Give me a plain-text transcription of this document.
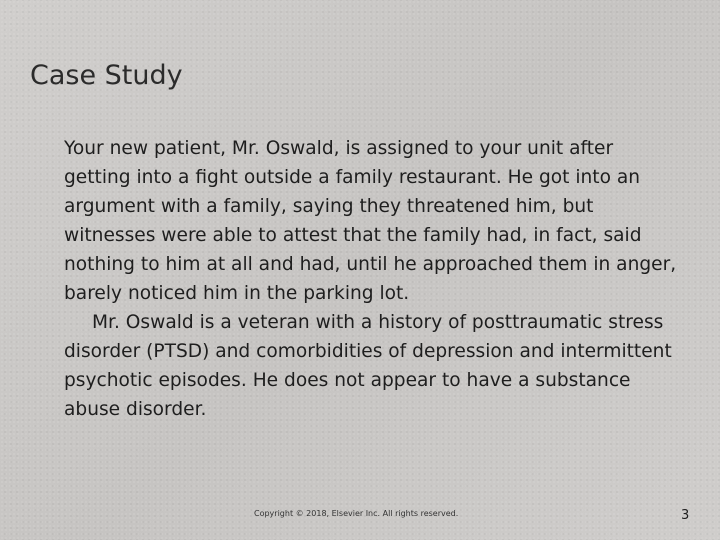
Case Study

Your new patient, Mr. Oswald, is assigned to your unit after getting into a fight outside a family restaurant. He got into an argument with a family, saying they threatened him, but witnesses were able to attest that the family had, in fact, said nothing to him at all and had, until he approached them in anger, barely noticed him in the parking lot.

Mr. Oswald is a veteran with a history of posttraumatic stress disorder (PTSD) and comorbidities of depression and intermittent psychotic episodes. He does not appear to have a substance abuse disorder.

Copyright © 2018, Elsevier Inc. All rights reserved.	3
